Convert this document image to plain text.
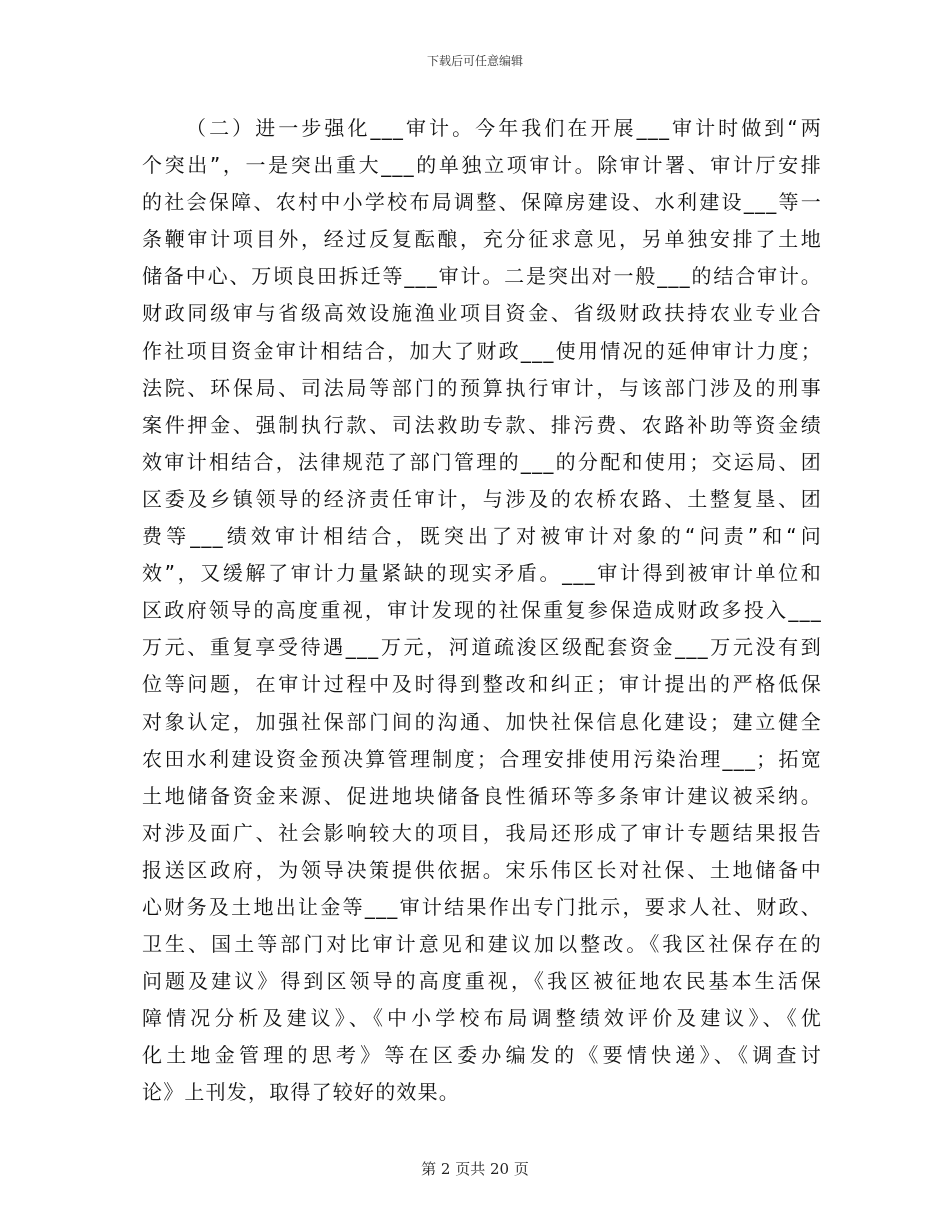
下载后可任意编辑
（二）进一步强化___审计。今年我们在开展___审计时做到“两
个突出”，一是突出重大___的单独立项审计。除审计署、审计厅安排
的社会保障、农村中小学校布局调整、保障房建设、水利建设___等一
条鞭审计项目外，经过反复酝酿，充分征求意见，另单独安排了土地
储备中心、万顷良田拆迁等___审计。二是突出对一般___的结合审计。
财政同级审与省级高效设施渔业项目资金、省级财政扶持农业专业合
作社项目资金审计相结合，加大了财政___使用情况的延伸审计力度；
法院、环保局、司法局等部门的预算执行审计，与该部门涉及的刑事
案件押金、强制执行款、司法救助专款、排污费、农路补助等资金绩
效审计相结合，法律规范了部门管理的___的分配和使用；交运局、团
区委及乡镇领导的经济责任审计，与涉及的农桥农路、土整复垦、团
费等___绩效审计相结合，既突出了对被审计对象的“问责”和“问
效”，又缓解了审计力量紧缺的现实矛盾。___审计得到被审计单位和
区政府领导的高度重视，审计发现的社保重复参保造成财政多投入___
万元、重复享受待遇___万元，河道疏浚区级配套资金___万元没有到
位等问题，在审计过程中及时得到整改和纠正；审计提出的严格低保
对象认定，加强社保部门间的沟通、加快社保信息化建设；建立健全
农田水利建设资金预决算管理制度；合理安排使用污染治理___；拓宽
土地储备资金来源、促进地块储备良性循环等多条审计建议被采纳。
对涉及面广、社会影响较大的项目，我局还形成了审计专题结果报告
报送区政府，为领导决策提供依据。宋乐伟区长对社保、土地储备中
心财务及土地出让金等___审计结果作出专门批示，要求人社、财政、
卫生、国土等部门对比审计意见和建议加以整改。《我区社保存在的
问题及建议》得到区领导的高度重视，《我区被征地农民基本生活保
障情况分析及建议》、《中小学校布局调整绩效评价及建议》、《优
化土地金管理的思考》等在区委办编发的《要情快递》、《调查讨
论》上刊发，取得了较好的效果。
第 2 页共 20 页
